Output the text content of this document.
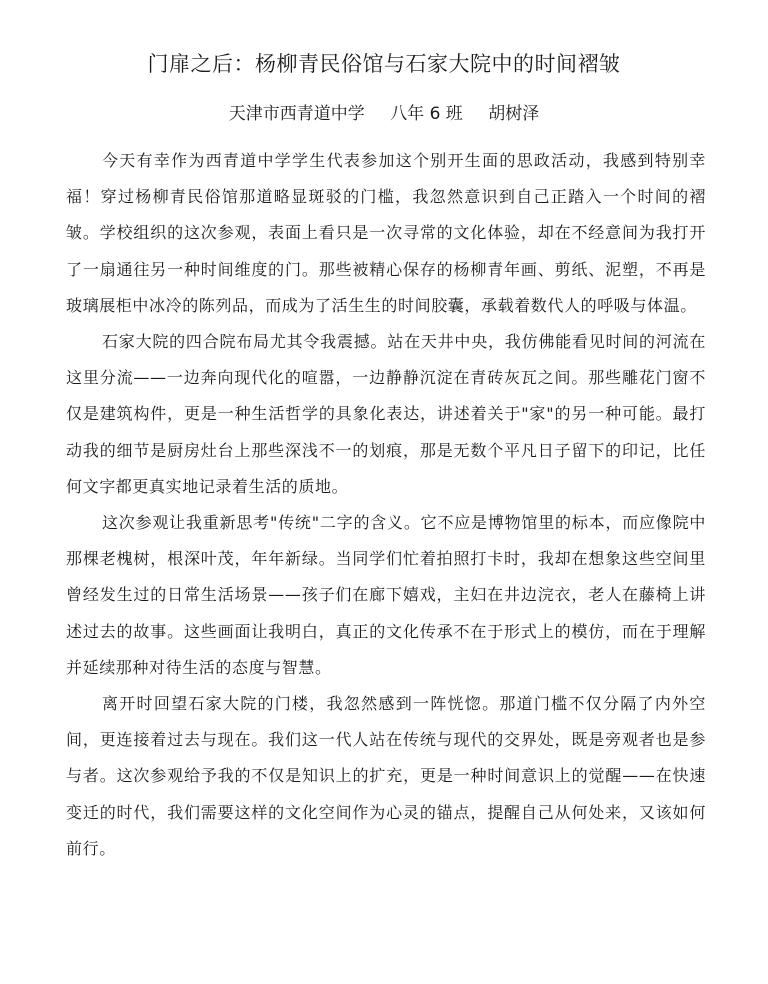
门扉之后：杨柳青民俗馆与石家大院中的时间褶皱
天津市西青道中学 八年 6 班 胡树泽

今天有幸作为西青道中学学生代表参加这个别开生面的思政活动，我感到特别幸福！穿过杨柳青民俗馆那道略显斑驳的门槛，我忽然意识到自己正踏入一个时间的褶皱。学校组织的这次参观，表面上看只是一次寻常的文化体验，却在不经意间为我打开了一扇通往另一种时间维度的门。那些被精心保存的杨柳青年画、剪纸、泥塑，不再是玻璃展柜中冰冷的陈列品，而成为了活生生的时间胶囊，承载着数代人的呼吸与体温。

石家大院的四合院布局尤其令我震撼。站在天井中央，我仿佛能看见时间的河流在这里分流——一边奔向现代化的喧嚣，一边静静沉淀在青砖灰瓦之间。那些雕花门窗不仅是建筑构件，更是一种生活哲学的具象化表达，讲述着关于"家"的另一种可能。最打动我的细节是厨房灶台上那些深浅不一的划痕，那是无数个平凡日子留下的印记，比任何文字都更真实地记录着生活的质地。

这次参观让我重新思考"传统"二字的含义。它不应是博物馆里的标本，而应像院中那棵老槐树，根深叶茂，年年新绿。当同学们忙着拍照打卡时，我却在想象这些空间里曾经发生过的日常生活场景——孩子们在廊下嬉戏，主妇在井边浣衣，老人在藤椅上讲述过去的故事。这些画面让我明白，真正的文化传承不在于形式上的模仿，而在于理解并延续那种对待生活的态度与智慧。

离开时回望石家大院的门楼，我忽然感到一阵恍惚。那道门槛不仅分隔了内外空间，更连接着过去与现在。我们这一代人站在传统与现代的交界处，既是旁观者也是参与者。这次参观给予我的不仅是知识上的扩充，更是一种时间意识上的觉醒——在快速变迁的时代，我们需要这样的文化空间作为心灵的锚点，提醒自己从何处来，又该如何前行。
